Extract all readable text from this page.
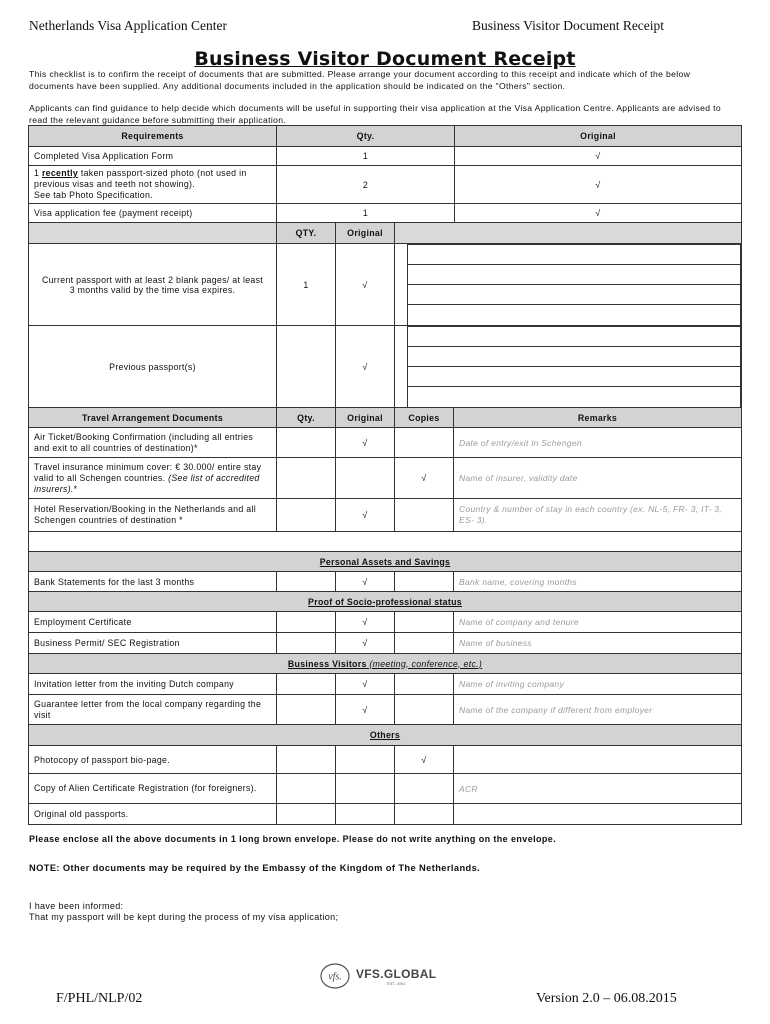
Netherlands Visa Application Center	Business Visitor Document Receipt
Business Visitor Document Receipt
This checklist is to confirm the receipt of documents that are submitted. Please arrange your document according to this receipt and indicate which of the below documents have been supplied. Any additional documents included in the application should be indicated on the "Others" section.
Applicants can find guidance to help decide which documents will be useful in supporting their visa application at the Visa Application Centre. Applicants are advised to read the relevant guidance before submitting their application.
Requirements	Qty.	Original
Completed Visa Application Form	1	√
1 recently taken passport-sized photo (not used in previous visas and teeth not showing).
See tab Photo Specification.	2	√
Visa application fee (payment receipt)	1	√
	QTY.	Original	
Current passport with at least 2 blank pages/ at least 3 months valid by the time visa expires.	1	√	

Previous passport(s)		√	

Travel Arrangement Documents	Qty.	Original	Copies	Remarks
Air Ticket/Booking Confirmation (including all entries and exit to all countries of destination)*		√		Date of entry/exit in Schengen
Travel insurance minimum cover: € 30.000/ entire stay valid to all Schengen countries. (See list of accredited insurers).*			√	Name of insurer, validity date
Hotel Reservation/Booking in the Netherlands and all Schengen countries of destination *		√		Country & number of stay in each country (ex. NL-5, FR- 3, IT- 3, ES- 3).

Personal Assets and Savings				
Bank Statements for the last 3 months		√		Bank name, covering months
Proof of Socio-professional status				
Employment Certificate		√		Name of company and tenure
Business Permit/ SEC Registration		√		Name of business
Business Visitors (meeting, conference, etc.)				
Invitation letter from the inviting Dutch company		√		Name of inviting company
Guarantee letter from the local company regarding the visit		√		Name of the company if different from employer
Others				
Photocopy of passport bio-page.			√	
Copy of Alien Certificate Registration (for foreigners).				ACR
Original old passports.				
Please enclose all the above documents in 1 long brown envelope. Please do not write anything on the envelope.
NOTE: Other documents may be required by the Embassy of the Kingdom of The Netherlands.
I have been informed:
That my passport will be kept during the process of my visa application;
vfs. VFS.GLOBAL
EST. 2001
F/PHL/NLP/02	Version 2.0 – 06.08.2015
